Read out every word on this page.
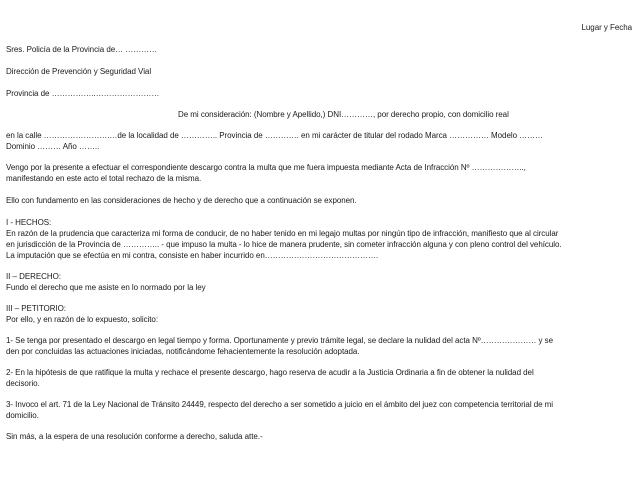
Lugar y Fecha
Sres. Policía de la Provincia de… …………
Dirección de Prevención y Seguridad Vial
Provincia de ……………..……………………
De mi consideración: (Nombre y Apellido,) DNI…………, por derecho propio, con domicilio real
en la calle …………………….…de la localidad de ………….. Provincia de …………. en mi carácter de titular del rodado Marca …………… Modelo ………
Dominio ……… Año ……..
Vengo por la presente a efectuar el correspondiente descargo contra la multa que me fuera impuesta mediante Acta de Infracción Nº ………………..,
manifestando en este acto el total rechazo de la misma.
Ello con fundamento en las consideraciones de hecho y de derecho que a continuación se exponen.
I - HECHOS:
En razón de la prudencia que caracteriza mi forma de conducir, de no haber tenido en mi legajo multas por ningún tipo de infracción, manifiesto que al circular
en jurisdicción de la Provincia de ………….. - que impuso la multa - lo hice de manera prudente, sin cometer infracción alguna y con pleno control del vehículo.
La imputación que se efectúa en mi contra, consiste en haber incurrido en…………………………………….
II – DERECHO:
Fundo el derecho que me asiste en lo normado por la ley
III – PETITORIO:
Por ello, y en razón de lo expuesto, solicito:
1- Se tenga por presentado el descargo en legal tiempo y forma. Oportunamente y previo trámite legal, se declare la nulidad del acta Nº………………… y se
den por concluidas las actuaciones iniciadas, notificándome fehacientemente la resolución adoptada.
2- En la hipótesis de que ratifique la multa y rechace el presente descargo, hago reserva de acudir a la Justicia Ordinaria a fin de obtener la nulidad del
decisorio.
3- Invoco el art. 71 de la Ley Nacional de Tránsito 24449, respecto del derecho a ser sometido a juicio en el ámbito del juez con competencia territorial de mi
domicilio.
Sin más, a la espera de una resolución conforme a derecho, saluda atte.-
